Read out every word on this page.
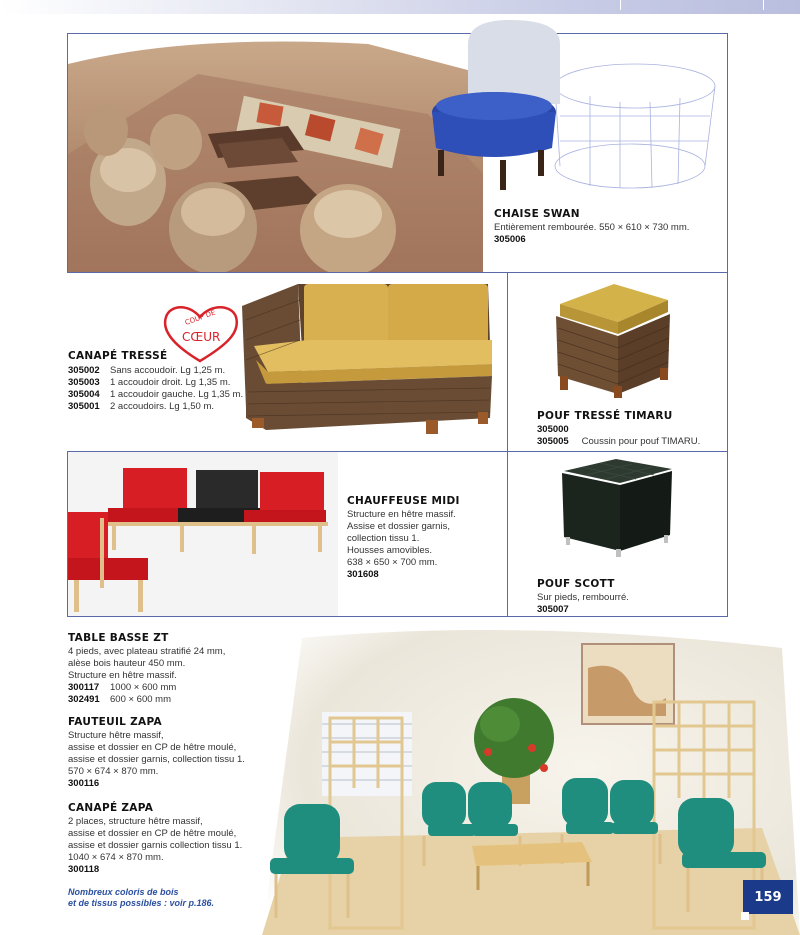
CHAISE SWAN
Entièrement rembourée. 550 × 610 × 730 mm.
305006
POUF TRESSÉ TIMARU
305000
305005 Coussin pour pouf TIMARU.
COUP DE
CŒUR
CANAPÉ TRESSÉ
305002 Sans accoudoir. Lg 1,25 m.
305003 1 accoudoir droit. Lg 1,35 m.
305004 1 accoudoir gauche. Lg 1,35 m.
305001 2 accoudoirs. Lg 1,50 m.
CHAUFFEUSE MIDI
Structure en hêtre massif.
Assise et dossier garnis,
collection tissu 1.
Housses amovibles.
638 × 650 × 700 mm.
301608
POUF SCOTT
Sur pieds, rembourré.
305007
TABLE BASSE ZT
4 pieds, avec plateau stratifié 24 mm,
alèse bois hauteur 450 mm.
Structure en hêtre massif.
300117 1000 × 600 mm
302491 600 × 600 mm
FAUTEUIL ZAPA
Structure hêtre massif,
assise et dossier en CP de hêtre moulé,
assise et dossier garnis, collection tissu 1.
570 × 674 × 870 mm.
300116
CANAPÉ ZAPA
2 places, structure hêtre massif,
assise et dossier en CP de hêtre moulé,
assise et dossier garnis collection tissu 1.
1040 × 674 × 870 mm.
300118
Nombreux coloris de bois
et de tissus possibles : voir p.186.	159
